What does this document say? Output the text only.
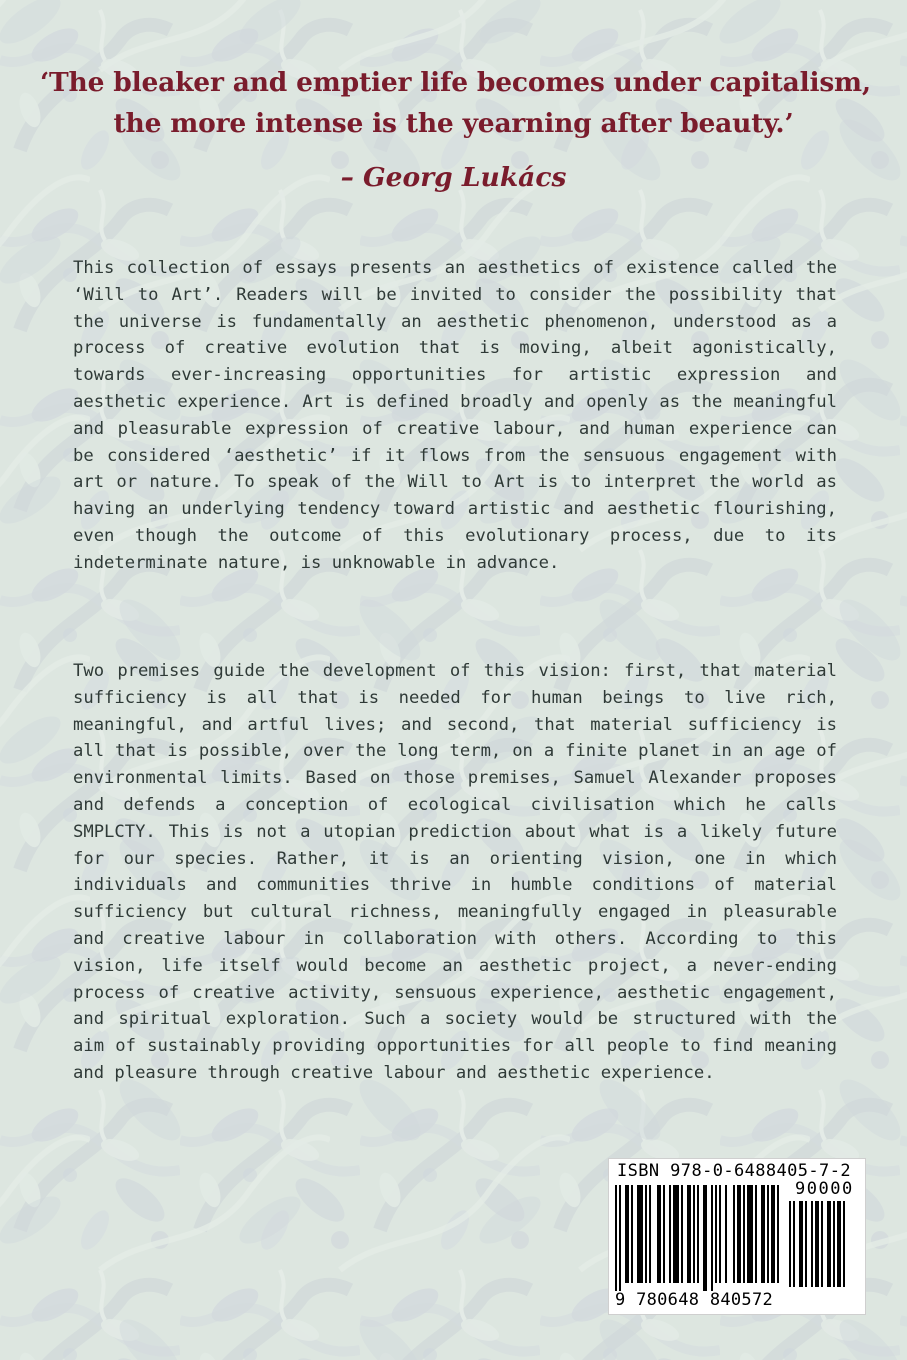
‘The bleaker and emptier life becomes under capitalism,
the more intense is the yearning after beauty.’
– Georg Lukács

This collection of essays presents an aesthetics of existence called the ‘Will to Art’. Readers will be invited to consider the possibility that the universe is fundamentally an aesthetic phenomenon, understood as a process of creative evolution that is moving, albeit agonistically, towards ever-increasing opportunities for artistic expression and aesthetic experience. Art is defined broadly and openly as the meaningful and pleasurable expression of creative labour, and human experience can be considered ‘aesthetic’ if it flows from the sensuous engagement with art or nature. To speak of the Will to Art is to interpret the world as having an underlying tendency toward artistic and aesthetic flourishing, even though the outcome of this evolutionary process, due to its indeterminate nature, is unknowable in advance.

Two premises guide the development of this vision: first, that material sufficiency is all that is needed for human beings to live rich, meaningful, and artful lives; and second, that material sufficiency is all that is possible, over the long term, on a finite planet in an age of environmental limits. Based on those premises, Samuel Alexander proposes and defends a conception of ecological civilisation which he calls SMPLCTY. This is not a utopian prediction about what is a likely future for our species. Rather, it is an orienting vision, one in which individuals and communities thrive in humble conditions of material sufficiency but cultural richness, meaningfully engaged in pleasurable and creative labour in collaboration with others. According to this vision, life itself would become an aesthetic project, a never-ending process of creative activity, sensuous experience, aesthetic engagement, and spiritual exploration. Such a society would be structured with the aim of sustainably providing opportunities for all people to find meaning and pleasure through creative labour and aesthetic experience.

ISBN 978-0-6488405-7-2
90000
9 780648 840572
